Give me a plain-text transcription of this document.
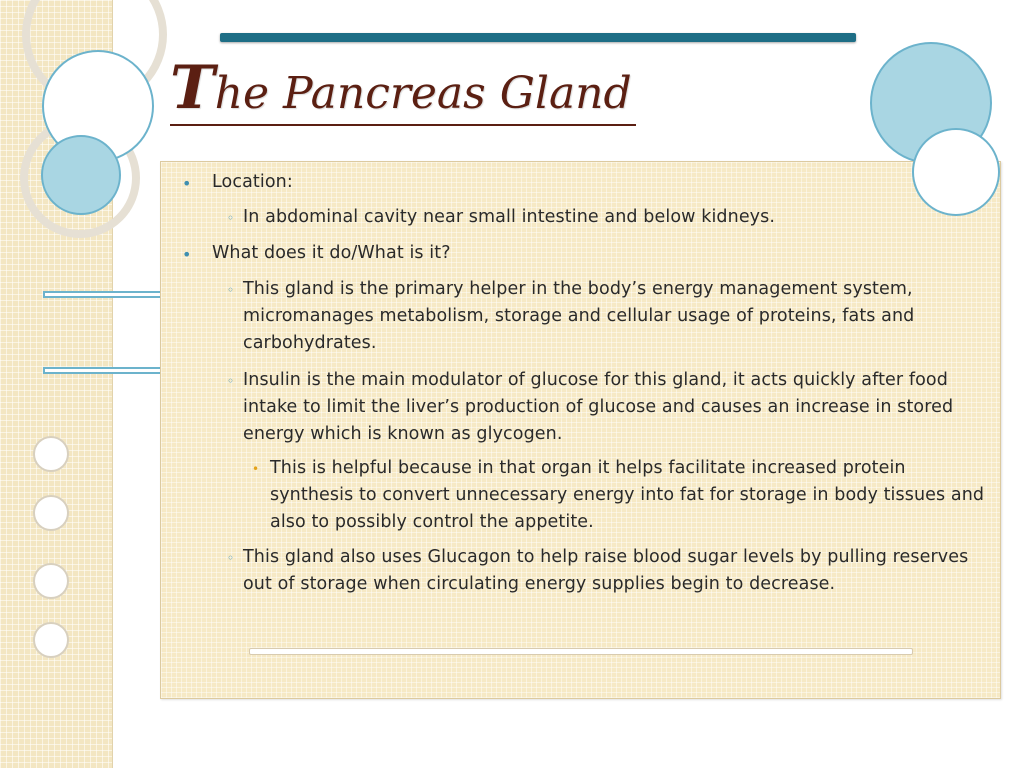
The Pancreas Gland
• Location:

◦ In abdominal cavity near small intestine and below kidneys.

• What does it do/What is it?

◦ This gland is the primary helper in the body’s energy management system, micromanages metabolism, storage and cellular usage of proteins, fats and carbohydrates.

◦ Insulin is the main modulator of glucose for this gland, it acts quickly after food intake to limit the liver’s production of glucose and causes an increase in stored energy which is known as glycogen.

• This is helpful because in that organ it helps facilitate increased protein synthesis to convert unnecessary energy into fat for storage in body tissues and also to possibly control the appetite.

◦ This gland also uses Glucagon to help raise blood sugar levels by pulling reserves out of storage when circulating energy supplies begin to decrease.
